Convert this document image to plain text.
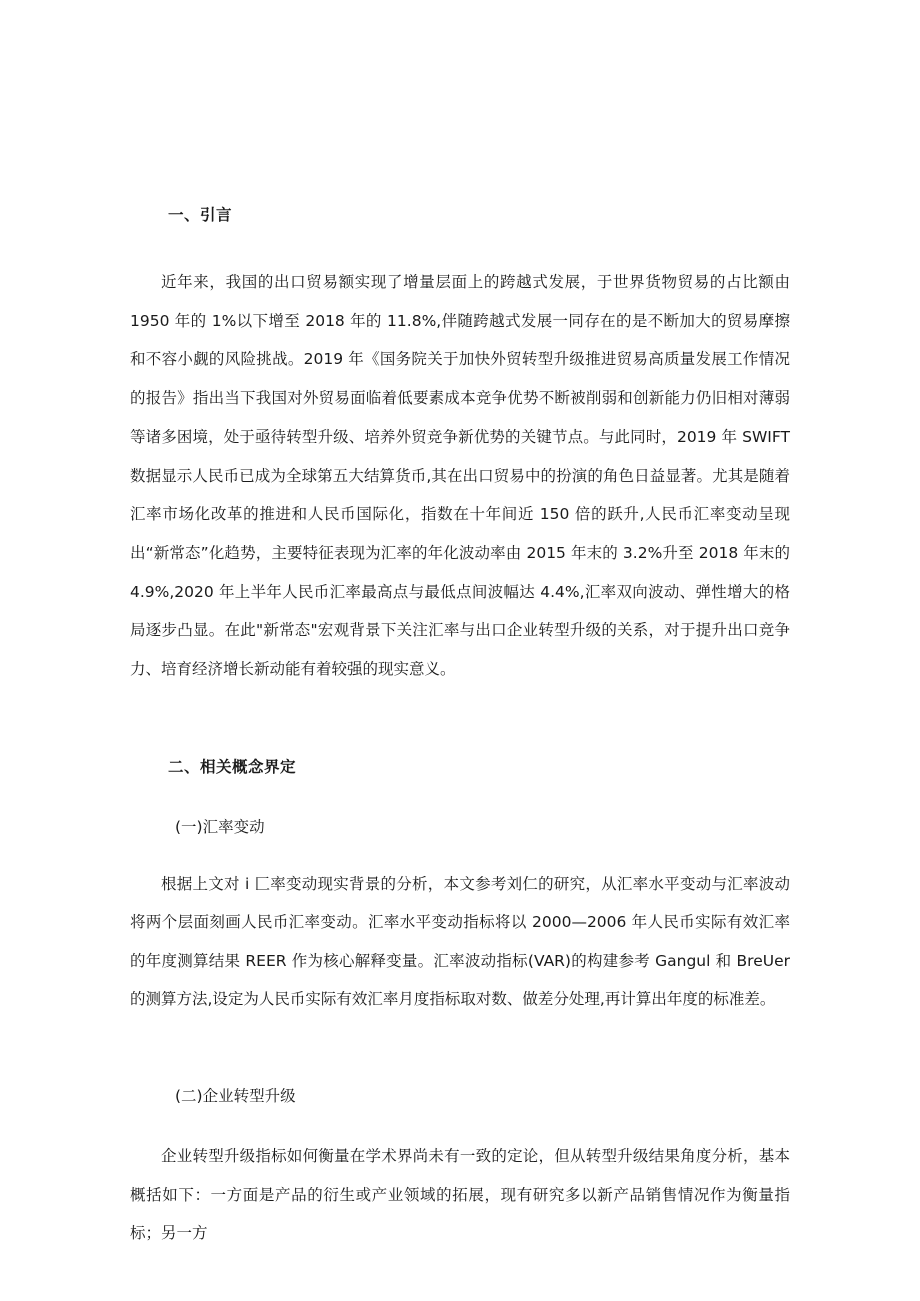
一、引言

近年来，我国的出口贸易额实现了增量层面上的跨越式发展，于世界货物贸易的占比额由 1950 年的 1%以下增至 2018 年的 11.8%,伴随跨越式发展一同存在的是不断加大的贸易摩擦和不容小觑的风险挑战。2019 年《国务院关于加快外贸转型升级推进贸易高质量发展工作情况的报告》指出当下我国对外贸易面临着低要素成本竞争优势不断被削弱和创新能力仍旧相对薄弱等诸多困境，处于亟待转型升级、培养外贸竞争新优势的关键节点。与此同时，2019 年 SWIFT 数据显示人民币已成为全球第五大结算货币,其在出口贸易中的扮演的角色日益显著。尤其是随着汇率市场化改革的推进和人民币国际化，指数在十年间近 150 倍的跃升,人民币汇率变动呈现出“新常态”化趋势，主要特征表现为汇率的年化波动率由 2015 年末的 3.2%升至 2018 年末的 4.9%,2020 年上半年人民币汇率最高点与最低点间波幅达 4.4%,汇率双向波动、弹性增大的格局逐步凸显。在此"新常态"宏观背景下关注汇率与出口企业转型升级的关系，对于提升出口竞争力、培育经济增长新动能有着较强的现实意义。

二、相关概念界定
(一)汇率变动

根据上文对 i 匚率变动现实背景的分析，本文参考刘仁的研究，从汇率水平变动与汇率波动将两个层面刻画人民币汇率变动。汇率水平变动指标将以 2000—2006 年人民币实际有效汇率的年度测算结果 REER 作为核心解释变量。汇率波动指标(VAR)的构建参考 Gangul 和 BreUer 的测算方法,设定为人民币实际有效汇率月度指标取对数、做差分处理,再计算出年度的标准差。

(二)企业转型升级

企业转型升级指标如何衡量在学术界尚未有一致的定论，但从转型升级结果角度分析，基本概括如下：一方面是产品的衍生或产业领域的拓展，现有研究多以新产品销售情况作为衡量指标；另一方
